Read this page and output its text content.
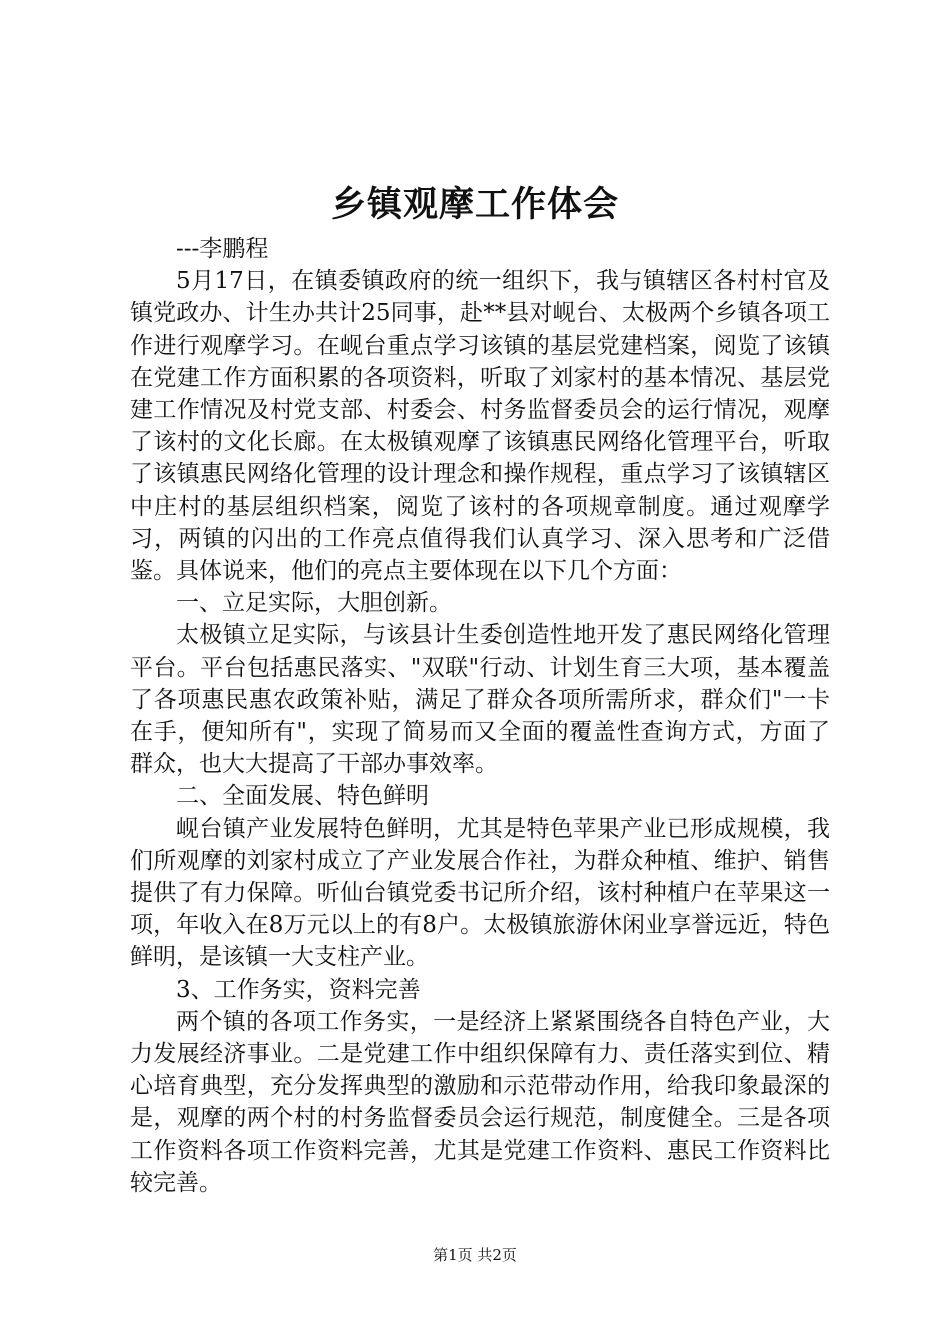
乡镇观摩工作体会

---李鹏程

5月17日，在镇委镇政府的统一组织下，我与镇辖区各村村官及镇党政办、计生办共计25同事，赴**县对岘台、太极两个乡镇各项工作进行观摩学习。在岘台重点学习该镇的基层党建档案，阅览了该镇在党建工作方面积累的各项资料，听取了刘家村的基本情况、基层党建工作情况及村党支部、村委会、村务监督委员会的运行情况，观摩了该村的文化长廊。在太极镇观摩了该镇惠民网络化管理平台，听取了该镇惠民网络化管理的设计理念和操作规程，重点学习了该镇辖区中庄村的基层组织档案，阅览了该村的各项规章制度。通过观摩学习，两镇的闪出的工作亮点值得我们认真学习、深入思考和广泛借鉴。具体说来，他们的亮点主要体现在以下几个方面：

一、立足实际，大胆创新。

太极镇立足实际，与该县计生委创造性地开发了惠民网络化管理平台。平台包括惠民落实、"双联"行动、计划生育三大项，基本覆盖了各项惠民惠农政策补贴，满足了群众各项所需所求，群众们"一卡在手，便知所有"，实现了简易而又全面的覆盖性查询方式，方面了群众，也大大提高了干部办事效率。

二、全面发展、特色鲜明

岘台镇产业发展特色鲜明，尤其是特色苹果产业已形成规模，我们所观摩的刘家村成立了产业发展合作社，为群众种植、维护、销售提供了有力保障。听仙台镇党委书记所介绍，该村种植户在苹果这一项，年收入在8万元以上的有8户。太极镇旅游休闲业享誉远近，特色鲜明，是该镇一大支柱产业。

3、工作务实，资料完善

两个镇的各项工作务实，一是经济上紧紧围绕各自特色产业，大力发展经济事业。二是党建工作中组织保障有力、责任落实到位、精心培育典型，充分发挥典型的激励和示范带动作用，给我印象最深的是，观摩的两个村的村务监督委员会运行规范，制度健全。三是各项工作资料各项工作资料完善，尤其是党建工作资料、惠民工作资料比较完善。

第1页 共2页
